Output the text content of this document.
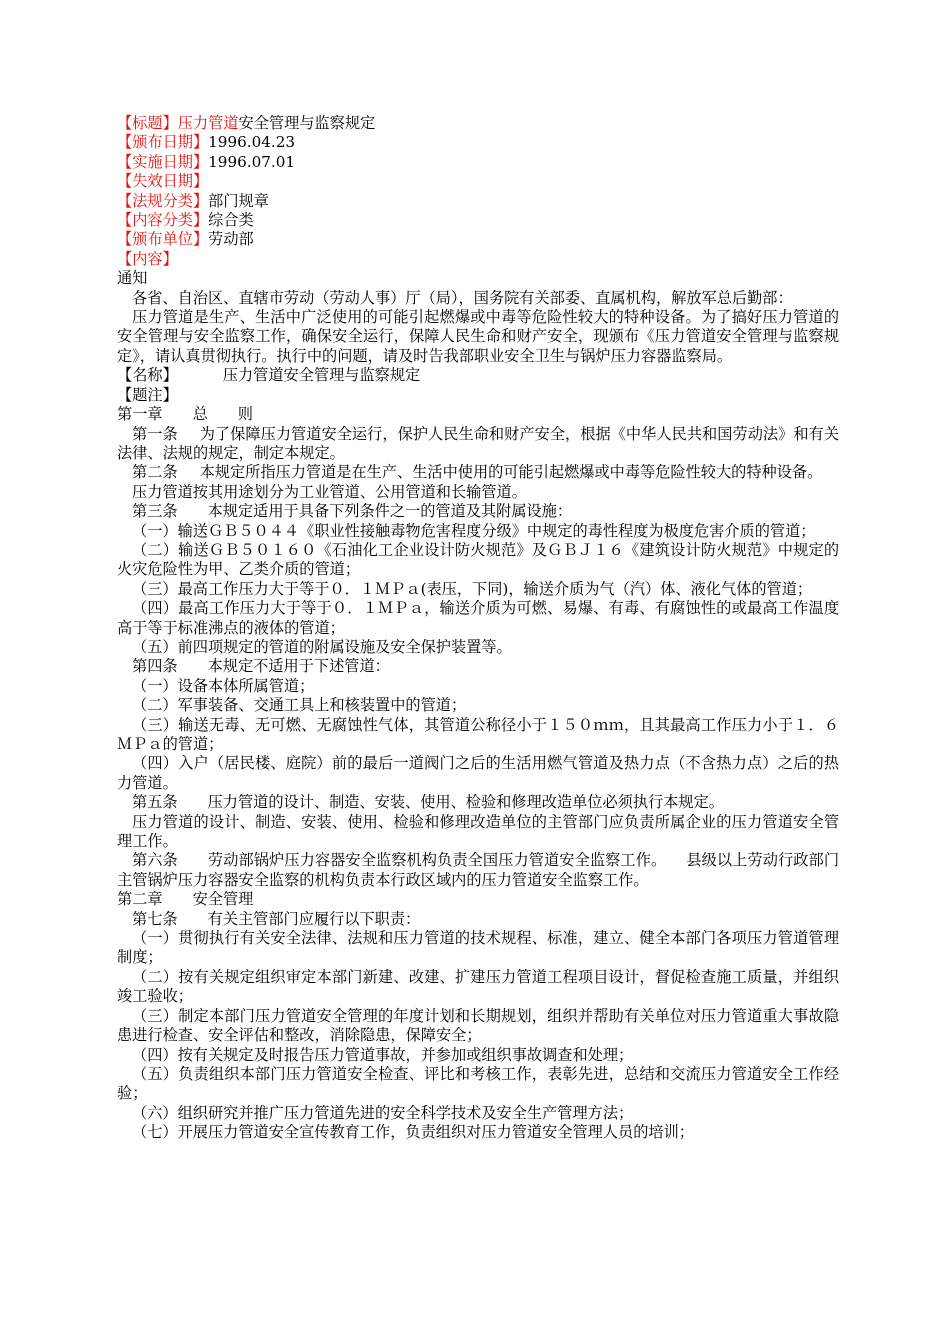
【标题】压力管道安全管理与监察规定
【颁布日期】1996.04.23
【实施日期】1996.07.01
【失效日期】
【法规分类】部门规章
【内容分类】综合类
【颁布单位】劳动部
【内容】
通知
各省、自治区、直辖市劳动（劳动人事）厅（局），国务院有关部委、直属机构，解放军总后勤部：
压力管道是生产、生活中广泛使用的可能引起燃爆或中毒等危险性较大的特种设备。为了搞好压力管道的安全管理与安全监察工作，确保安全运行，保障人民生命和财产安全，现颁布《压力管道安全管理与监察规定》，请认真贯彻执行。执行中的问题，请及时告我部职业安全卫生与锅炉压力容器监察局。
【名称】	压力管道安全管理与监察规定
【题注】
第一章 总 则
第一条 为了保障压力管道安全运行，保护人民生命和财产安全，根据《中华人民共和国劳动法》和有关法律、法规的规定，制定本规定。
第二条 本规定所指压力管道是在生产、生活中使用的可能引起燃爆或中毒等危险性较大的特种设备。
压力管道按其用途划分为工业管道、公用管道和长输管道。
第三条 本规定适用于具备下列条件之一的管道及其附属设施：
（一）输送ＧＢ５０４４《职业性接触毒物危害程度分级》中规定的毒性程度为极度危害介质的管道；
（二）输送ＧＢ５０１６０《石油化工企业设计防火规范》及ＧＢＪ１６《建筑设计防火规范》中规定的火灾危险性为甲、乙类介质的管道；
（三）最高工作压力大于等于０．１ＭＰａ(表压，下同)，输送介质为气（汽）体、液化气体的管道；
（四）最高工作压力大于等于０．１ＭＰａ，输送介质为可燃、易爆、有毒、有腐蚀性的或最高工作温度高于等于标准沸点的液体的管道；
（五）前四项规定的管道的附属设施及安全保护装置等。
第四条 本规定不适用于下述管道：
（一）设备本体所属管道；
（二）军事装备、交通工具上和核装置中的管道；
（三）输送无毒、无可燃、无腐蚀性气体，其管道公称径小于１５０ｍｍ，且其最高工作压力小于１．６ＭＰａ的管道；
（四）入户（居民楼、庭院）前的最后一道阀门之后的生活用燃气管道及热力点（不含热力点）之后的热力管道。
第五条 压力管道的设计、制造、安装、使用、检验和修理改造单位必须执行本规定。
压力管道的设计、制造、安装、使用、检验和修理改造单位的主管部门应负责所属企业的压力管道安全管理工作。
第六条 劳动部锅炉压力容器安全监察机构负责全国压力管道安全监察工作。 县级以上劳动行政部门主管锅炉压力容器安全监察的机构负责本行政区域内的压力管道安全监察工作。
第二章 安全管理
第七条 有关主管部门应履行以下职责：
（一）贯彻执行有关安全法律、法规和压力管道的技术规程、标准，建立、健全本部门各项压力管道管理制度；
（二）按有关规定组织审定本部门新建、改建、扩建压力管道工程项目设计，督促检查施工质量，并组织竣工验收；
（三）制定本部门压力管道安全管理的年度计划和长期规划，组织并帮助有关单位对压力管道重大事故隐患进行检查、安全评估和整改，消除隐患，保障安全；
（四）按有关规定及时报告压力管道事故，并参加或组织事故调查和处理；
（五）负责组织本部门压力管道安全检查、评比和考核工作，表彰先进，总结和交流压力管道安全工作经验；
（六）组织研究并推广压力管道先进的安全科学技术及安全生产管理方法；
（七）开展压力管道安全宣传教育工作，负责组织对压力管道安全管理人员的培训；
